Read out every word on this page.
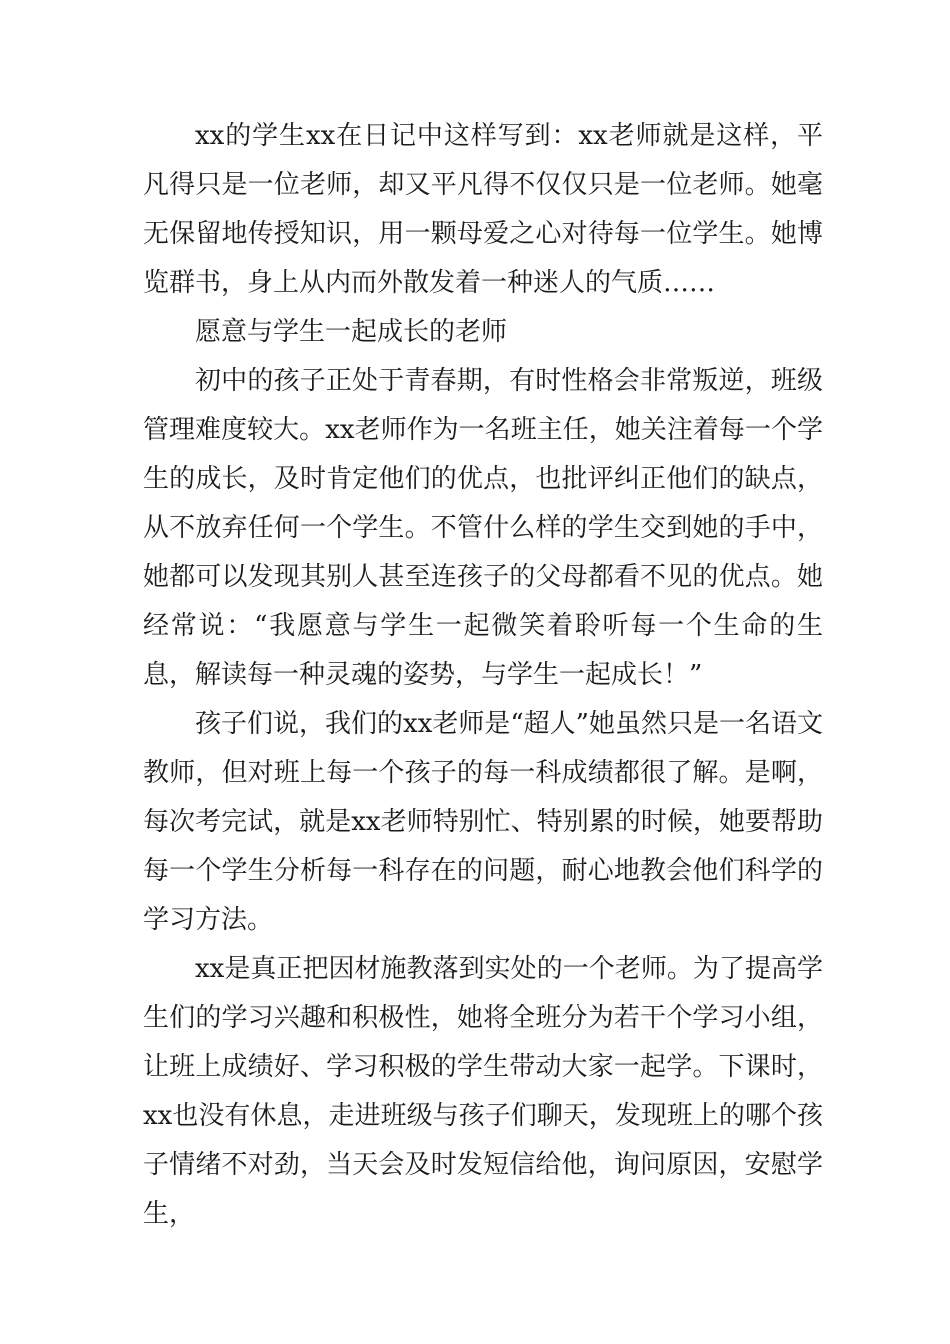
xx的学生xx在日记中这样写到：xx老师就是这样，平凡得只是一位老师，却又平凡得不仅仅只是一位老师。她毫无保留地传授知识，用一颗母爱之心对待每一位学生。她博览群书，身上从内而外散发着一种迷人的气质……

愿意与学生一起成长的老师

初中的孩子正处于青春期，有时性格会非常叛逆，班级管理难度较大。xx老师作为一名班主任，她关注着每一个学生的成长，及时肯定他们的优点，也批评纠正他们的缺点，从不放弃任何一个学生。不管什么样的学生交到她的手中，她都可以发现其别人甚至连孩子的父母都看不见的优点。她经常说：“我愿意与学生一起微笑着聆听每一个生命的生息，解读每一种灵魂的姿势，与学生一起成长！”

孩子们说，我们的xx老师是“超人”她虽然只是一名语文教师，但对班上每一个孩子的每一科成绩都很了解。是啊，每次考完试，就是xx老师特别忙、特别累的时候，她要帮助每一个学生分析每一科存在的问题，耐心地教会他们科学的学习方法。

xx是真正把因材施教落到实处的一个老师。为了提高学生们的学习兴趣和积极性，她将全班分为若干个学习小组，让班上成绩好、学习积极的学生带动大家一起学。下课时，xx也没有休息，走进班级与孩子们聊天，发现班上的哪个孩子情绪不对劲，当天会及时发短信给他，询问原因，安慰学生，
